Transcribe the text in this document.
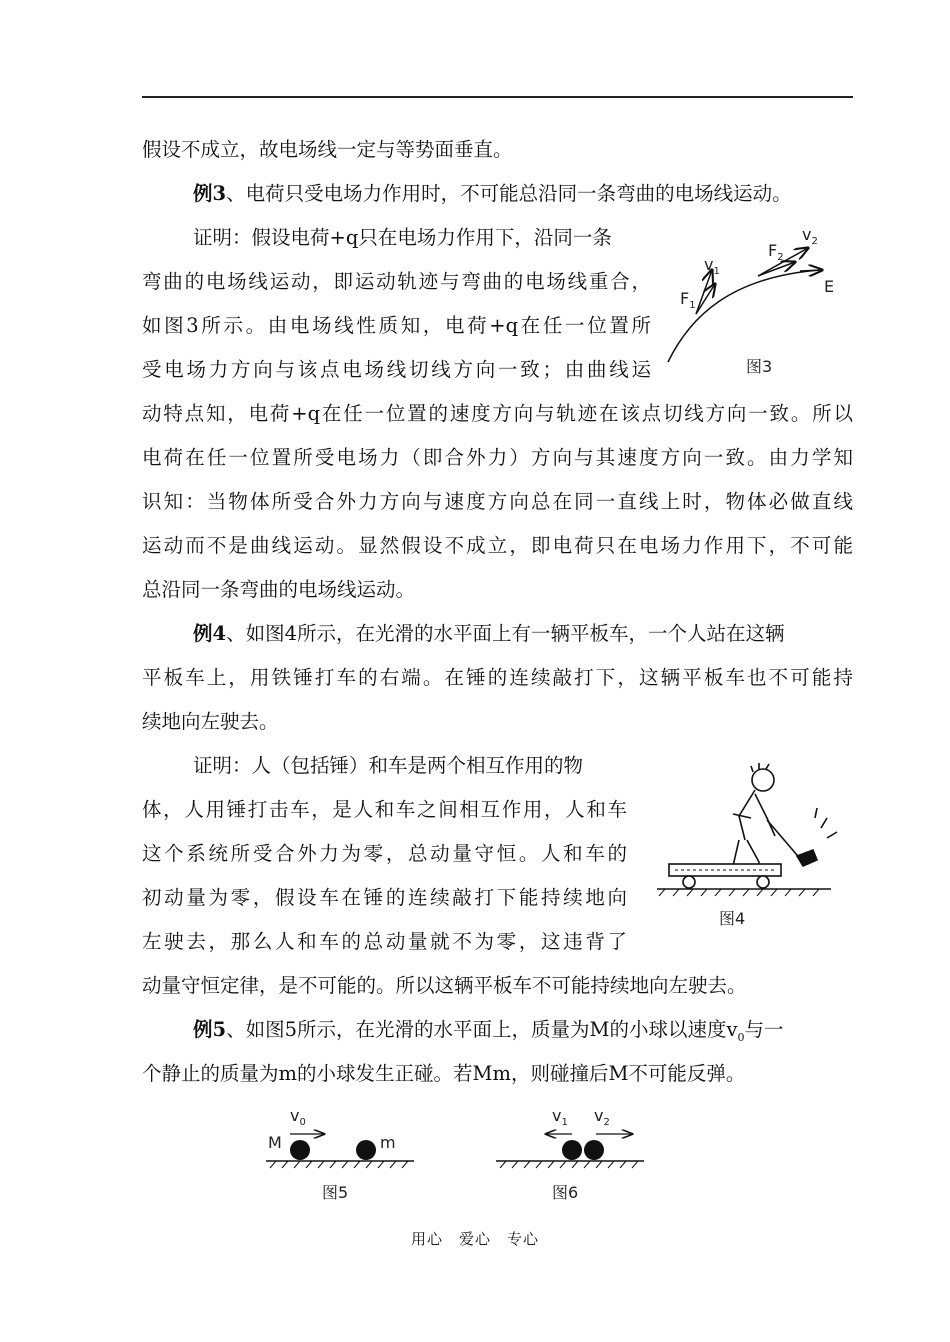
假设不成立，故电场线一定与等势面垂直。
例3、电荷只受电场力作用时，不可能总沿同一条弯曲的电场线运动。
证明：假设电荷+q只在电场力作用下，沿同一条
弯曲的电场线运动，即运动轨迹与弯曲的电场线重合，
如图3所示。由电场线性质知，电荷+q在任一位置所
受电场力方向与该点电场线切线方向一致；由曲线运
动特点知，电荷+q在任一位置的速度方向与轨迹在该点切线方向一致。所以
电荷在任一位置所受电场力（即合外力）方向与其速度方向一致。由力学知
识知：当物体所受合外力方向与速度方向总在同一直线上时，物体必做直线
运动而不是曲线运动。显然假设不成立，即电荷只在电场力作用下，不可能
总沿同一条弯曲的电场线运动。
例4、如图4所示，在光滑的水平面上有一辆平板车，一个人站在这辆
平板车上，用铁锤打车的右端。在锤的连续敲打下，这辆平板车也不可能持
续地向左驶去。
证明：人（包括锤）和车是两个相互作用的物
体，人用锤打击车，是人和车之间相互作用，人和车
这个系统所受合外力为零，总动量守恒。人和车的
初动量为零，假设车在锤的连续敲打下能持续地向
左驶去，那么人和车的总动量就不为零，这违背了
动量守恒定律，是不可能的。所以这辆平板车不可能持续地向左驶去。
例5、如图5所示，在光滑的水平面上，质量为M的小球以速度$v_0$与一
个静止的质量为m的小球发生正碰。若Mm，则碰撞后M不可能反弹。
$F_1$
$v_1$
$F_2$
$v_2$
E
图3
图4
$v_0$
M	m
图5
$v_1$ $v_2$
图6
用心　爱心　专心
